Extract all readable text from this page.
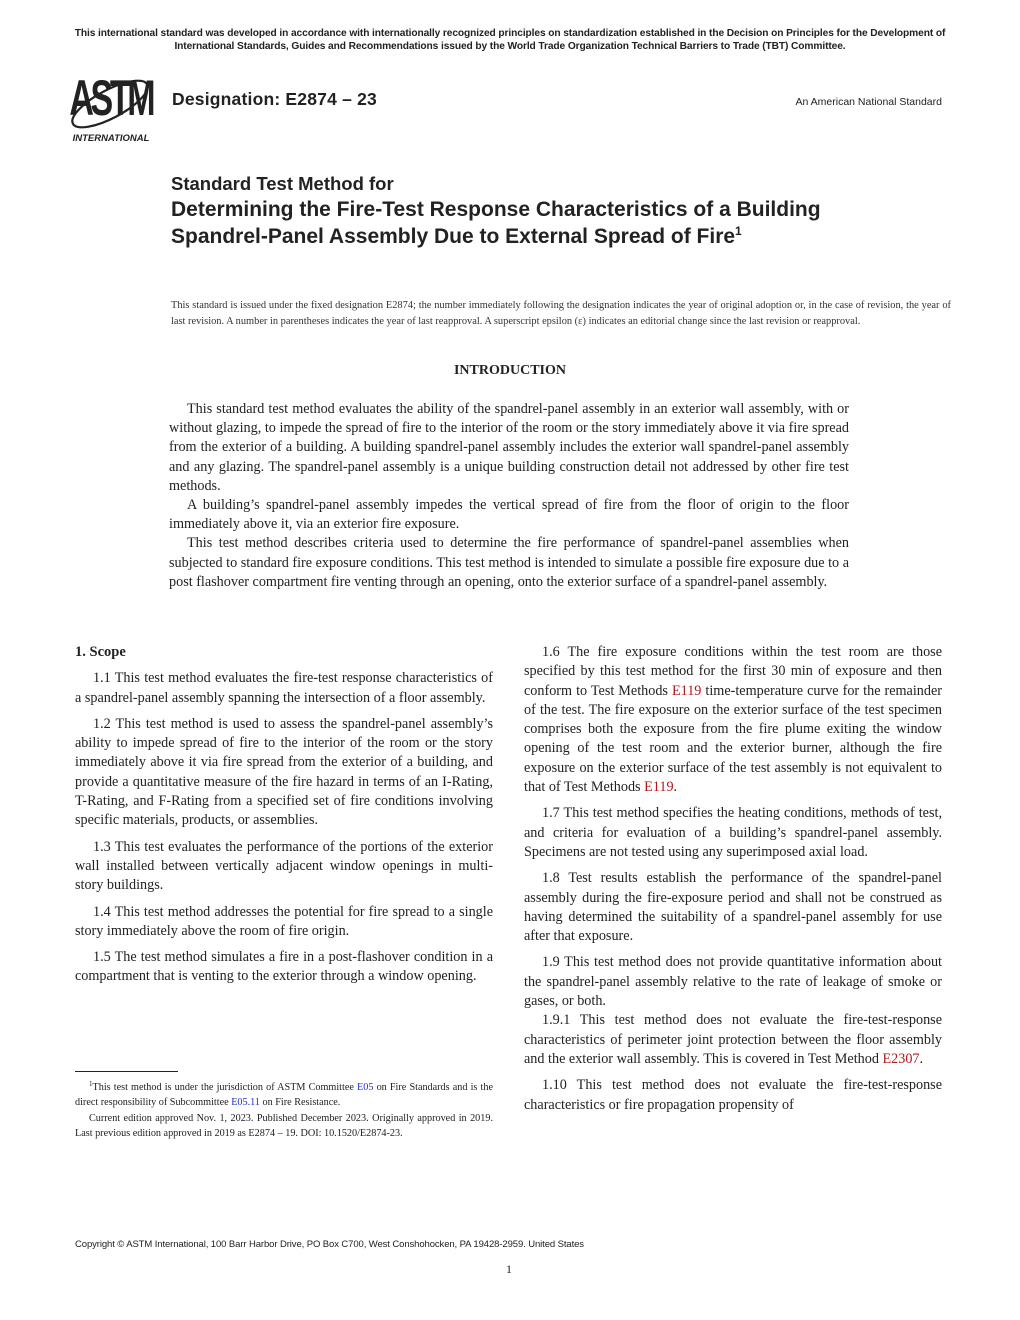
This international standard was developed in accordance with internationally recognized principles on standardization established in the Decision on Principles for the Development of International Standards, Guides and Recommendations issued by the World Trade Organization Technical Barriers to Trade (TBT) Committee.
ASTM
INTERNATIONAL
Designation: E2874 – 23	An American National Standard
Standard Test Method for
Determining the Fire-Test Response Characteristics of a Building Spandrel-Panel Assembly Due to External Spread of Fire$^1$
This standard is issued under the fixed designation E2874; the number immediately following the designation indicates the year of original adoption or, in the case of revision, the year of last revision. A number in parentheses indicates the year of last reapproval. A superscript epsilon (ε) indicates an editorial change since the last revision or reapproval.
INTRODUCTION

This standard test method evaluates the ability of the spandrel-panel assembly in an exterior wall assembly, with or without glazing, to impede the spread of fire to the interior of the room or the story immediately above it via fire spread from the exterior of a building. A building spandrel-panel assembly includes the exterior wall spandrel-panel assembly and any glazing. The spandrel-panel assembly is a unique building construction detail not addressed by other fire test methods.

A building’s spandrel-panel assembly impedes the vertical spread of fire from the floor of origin to the floor immediately above it, via an exterior fire exposure.

This test method describes criteria used to determine the fire performance of spandrel-panel assemblies when subjected to standard fire exposure conditions. This test method is intended to simulate a possible fire exposure due to a post flashover compartment fire venting through an opening, onto the exterior surface of a spandrel-panel assembly.

1. Scope

1.1 This test method evaluates the fire-test response characteristics of a spandrel-panel assembly spanning the intersection of a floor assembly.

1.2 This test method is used to assess the spandrel-panel assembly’s ability to impede spread of fire to the interior of the room or the story immediately above it via fire spread from the exterior of a building, and provide a quantitative measure of the fire hazard in terms of an I-Rating, T-Rating, and F-Rating from a specified set of fire conditions involving specific materials, products, or assemblies.

1.3 This test evaluates the performance of the portions of the exterior wall installed between vertically adjacent window openings in multi-story buildings.

1.4 This test method addresses the potential for fire spread to a single story immediately above the room of fire origin.

1.5 The test method simulates a fire in a post-flashover condition in a compartment that is venting to the exterior through a window opening.

1.6 The fire exposure conditions within the test room are those specified by this test method for the first 30 min of exposure and then conform to Test Methods E119 time-temperature curve for the remainder of the test. The fire exposure on the exterior surface of the test specimen comprises both the exposure from the fire plume exiting the window opening of the test room and the exterior burner, although the fire exposure on the exterior surface of the test assembly is not equivalent to that of Test Methods E119.

1.7 This test method specifies the heating conditions, methods of test, and criteria for evaluation of a building’s spandrel-panel assembly. Specimens are not tested using any superimposed axial load.

1.8 Test results establish the performance of the spandrel-panel assembly during the fire-exposure period and shall not be construed as having determined the suitability of a spandrel-panel assembly for use after that exposure.

1.9 This test method does not provide quantitative information about the spandrel-panel assembly relative to the rate of leakage of smoke or gases, or both.

1.9.1 This test method does not evaluate the fire-test-response characteristics of perimeter joint protection between the floor assembly and the exterior wall assembly. This is covered in Test Method E2307.

1.10 This test method does not evaluate the fire-test-response characteristics or fire propagation propensity of

$^1$This test method is under the jurisdiction of ASTM Committee E05 on Fire Standards and is the direct responsibility of Subcommittee E05.11 on Fire Resistance.

Current edition approved Nov. 1, 2023. Published December 2023. Originally approved in 2019. Last previous edition approved in 2019 as E2874 – 19. DOI: 10.1520/E2874-23.

Copyright © ASTM International, 100 Barr Harbor Drive, PO Box C700, West Conshohocken, PA 19428-2959. United States
1
